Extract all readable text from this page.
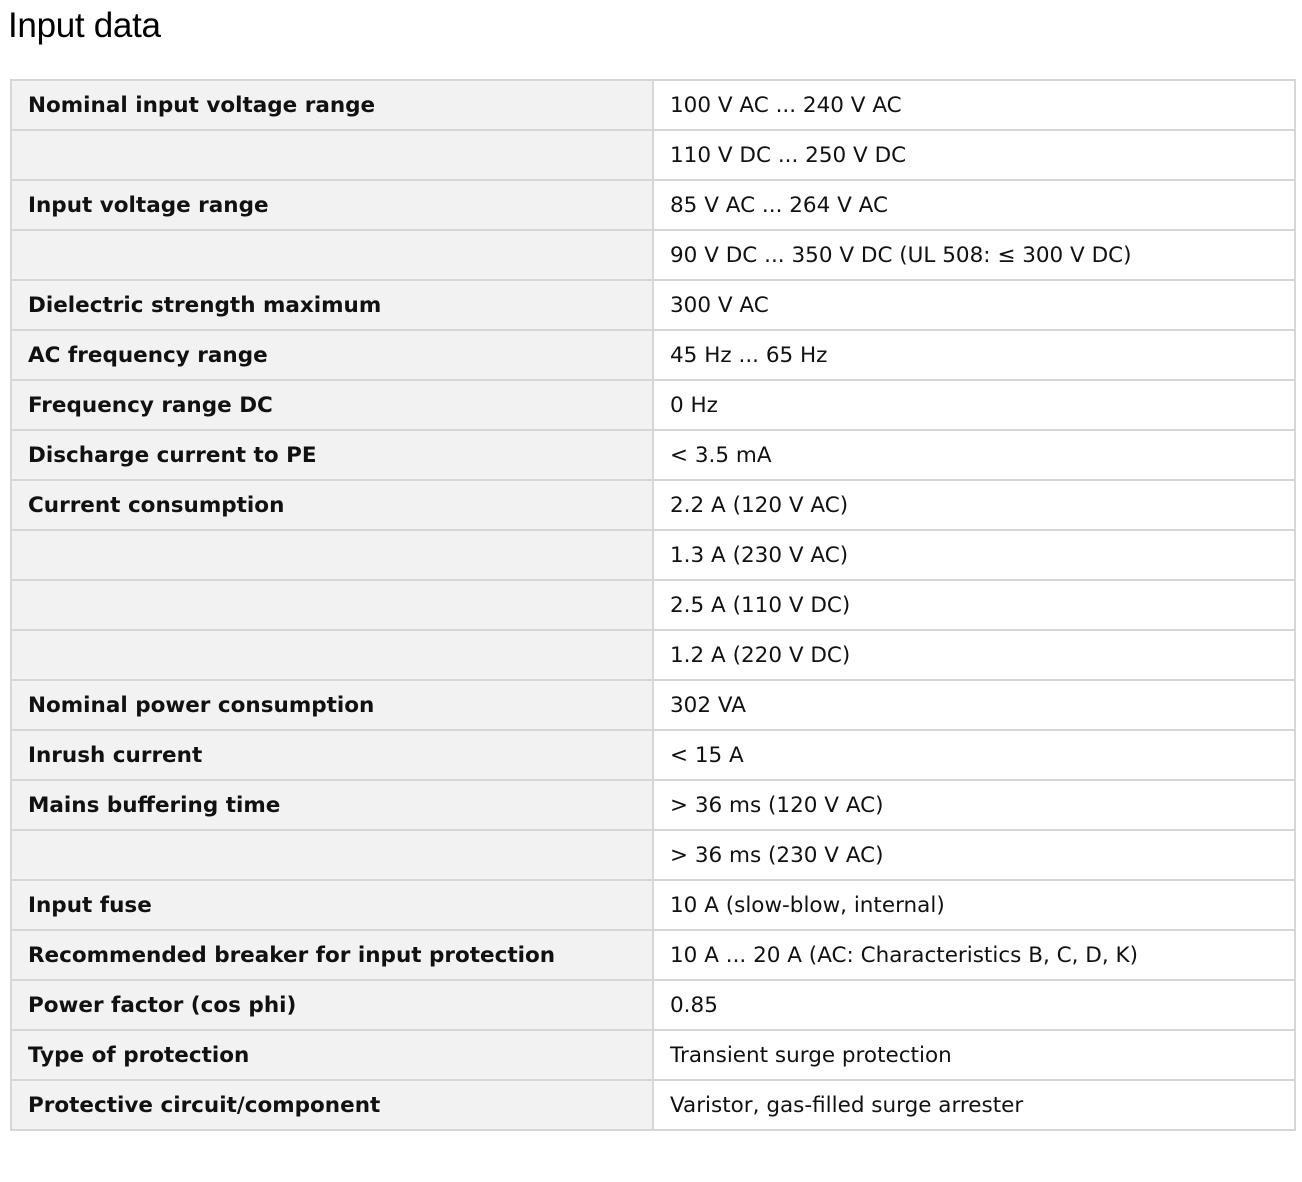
Input data
Nominal input voltage range	100 V AC ... 240 V AC
	110 V DC ... 250 V DC
Input voltage range	85 V AC ... 264 V AC
	90 V DC ... 350 V DC (UL 508: ≤ 300 V DC)
Dielectric strength maximum	300 V AC
AC frequency range	45 Hz ... 65 Hz
Frequency range DC	0 Hz
Discharge current to PE	< 3.5 mA
Current consumption	2.2 A (120 V AC)
	1.3 A (230 V AC)
	2.5 A (110 V DC)
	1.2 A (220 V DC)
Nominal power consumption	302 VA
Inrush current	< 15 A
Mains buffering time	> 36 ms (120 V AC)
	> 36 ms (230 V AC)
Input fuse	10 A (slow-blow, internal)
Recommended breaker for input protection	10 A ... 20 A (AC: Characteristics B, C, D, K)
Power factor (cos phi)	0.85
Type of protection	Transient surge protection
Protective circuit/component	Varistor, gas-filled surge arrester
